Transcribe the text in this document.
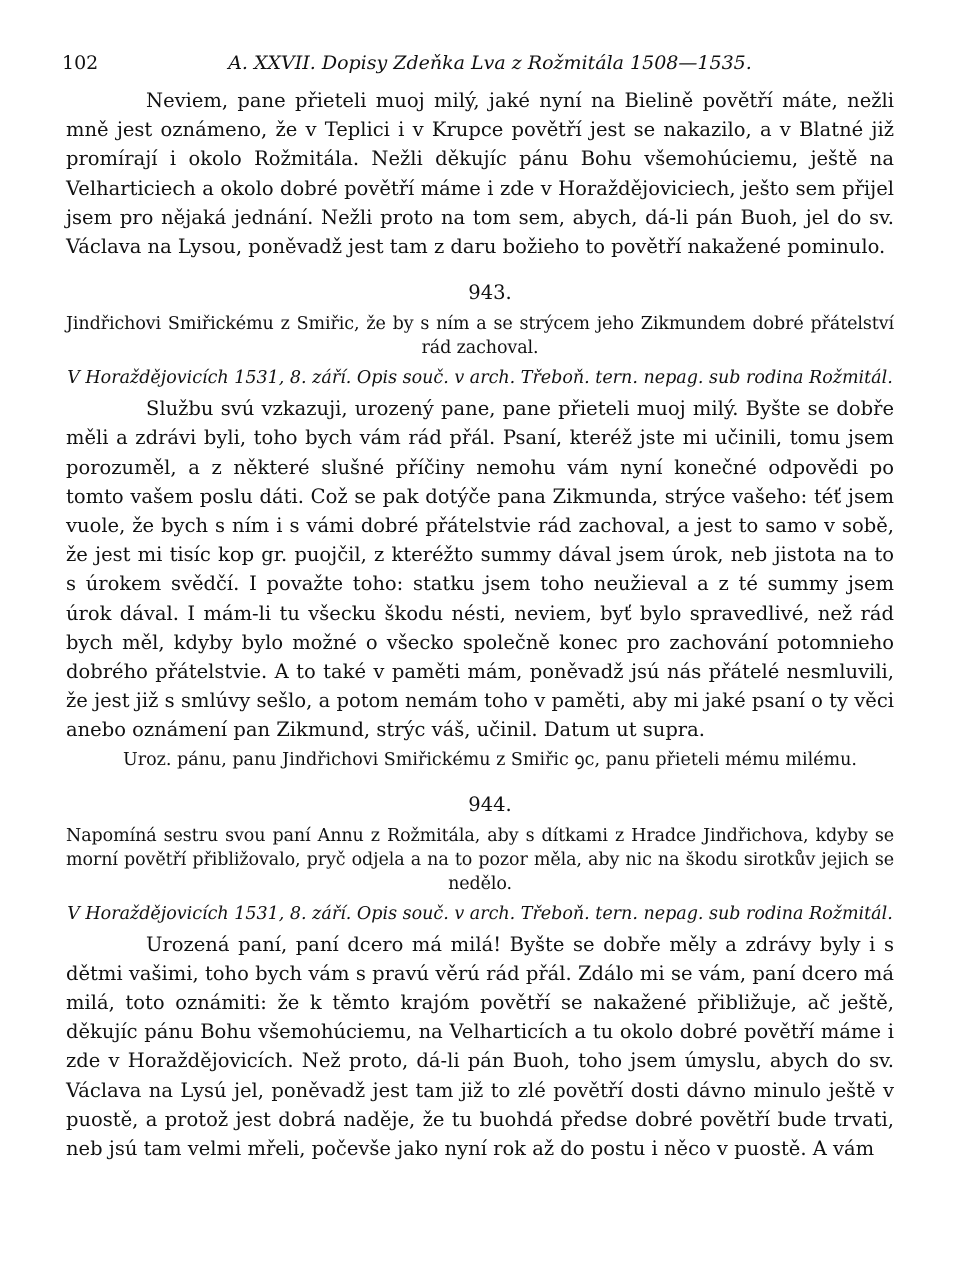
102	A. XXVII. Dopisy Zdeňka Lva z Rožmitála 1508—1535.

Neviem, pane přieteli muoj milý, jaké nyní na Bielině povětří máte, nežli mně jest oznámeno, že v Teplici i v Krupce povětří jest se nakazilo, a v Blatné již promírají i okolo Rožmitála. Nežli děkujíc pánu Bohu všemohúciemu, ještě na Velharticiech a okolo dobré povětří máme i zde v Horaždějoviciech, ješto sem přijel jsem pro nějaká jednání. Nežli proto na tom sem, abych, dá-li pán Buoh, jel do sv. Václava na Lysou, poněvadž jest tam z daru božieho to povětří nakažené pominulo.

943.

Jindřichovi Smiřickému z Smiřic, že by s ním a se strýcem jeho Zikmundem dobré přátelství rád zachoval.

V Horaždějovicích 1531, 8. září. Opis souč. v arch. Třeboň. tern. nepag. sub rodina Rožmitál.

Službu svú vzkazuji, urozený pane, pane přieteli muoj milý. Byšte se dobře měli a zdrávi byli, toho bych vám rád přál. Psaní, kteréž jste mi učinili, tomu jsem porozuměl, a z některé slušné příčiny nemohu vám nyní konečné odpovědi po tomto vašem poslu dáti. Což se pak dotýče pana Zikmunda, strýce vašeho: téť jsem vuole, že bych s ním i s vámi dobré přátelstvie rád zachoval, a jest to samo v sobě, že jest mi tisíc kop gr. puojčil, z kteréžto summy dával jsem úrok, neb jistota na to s úrokem svědčí. I považte toho: statku jsem toho neužieval a z té summy jsem úrok dával. I mám-li tu všecku škodu nésti, neviem, byť bylo spravedlivé, než rád bych měl, kdyby bylo možné o všecko společně konec pro zachování potomnieho dobrého přátelstvie. A to také v paměti mám, poněvadž jsú nás přátelé nesmluvili, že jest již s smlúvy sešlo, a potom nemám toho v paměti, aby mi jaké psaní o ty věci anebo oznámení pan Zikmund, strýc váš, učinil. Datum ut supra.

Uroz. pánu, panu Jindřichovi Smiřickému z Smiřic ꝯc, panu přieteli mému milému.

944.

Napomíná sestru svou paní Annu z Rožmitála, aby s dítkami z Hradce Jindřichova, kdyby se morní povětří přibližovalo, pryč odjela a na to pozor měla, aby nic na škodu sirotkův jejich se nedělo.

V Horaždějovicích 1531, 8. září. Opis souč. v arch. Třeboň. tern. nepag. sub rodina Rožmitál.

Urozená paní, paní dcero má milá! Byšte se dobře měly a zdrávy byly i s dětmi vašimi, toho bych vám s pravú věrú rád přál. Zdálo mi se vám, paní dcero má milá, toto oznámiti: že k těmto krajóm povětří se nakažené přibližuje, ač ještě, děkujíc pánu Bohu všemohúciemu, na Velharticích a tu okolo dobré povětří máme i zde v Horaždějovicích. Než proto, dá-li pán Buoh, toho jsem úmyslu, abych do sv. Václava na Lysú jel, poněvadž jest tam již to zlé povětří dosti dávno minulo ještě v puostě, a protož jest dobrá naděje, že tu buohdá předse dobré povětří bude trvati, neb jsú tam velmi mřeli, počevše jako nyní rok až do postu i něco v puostě. A vám
